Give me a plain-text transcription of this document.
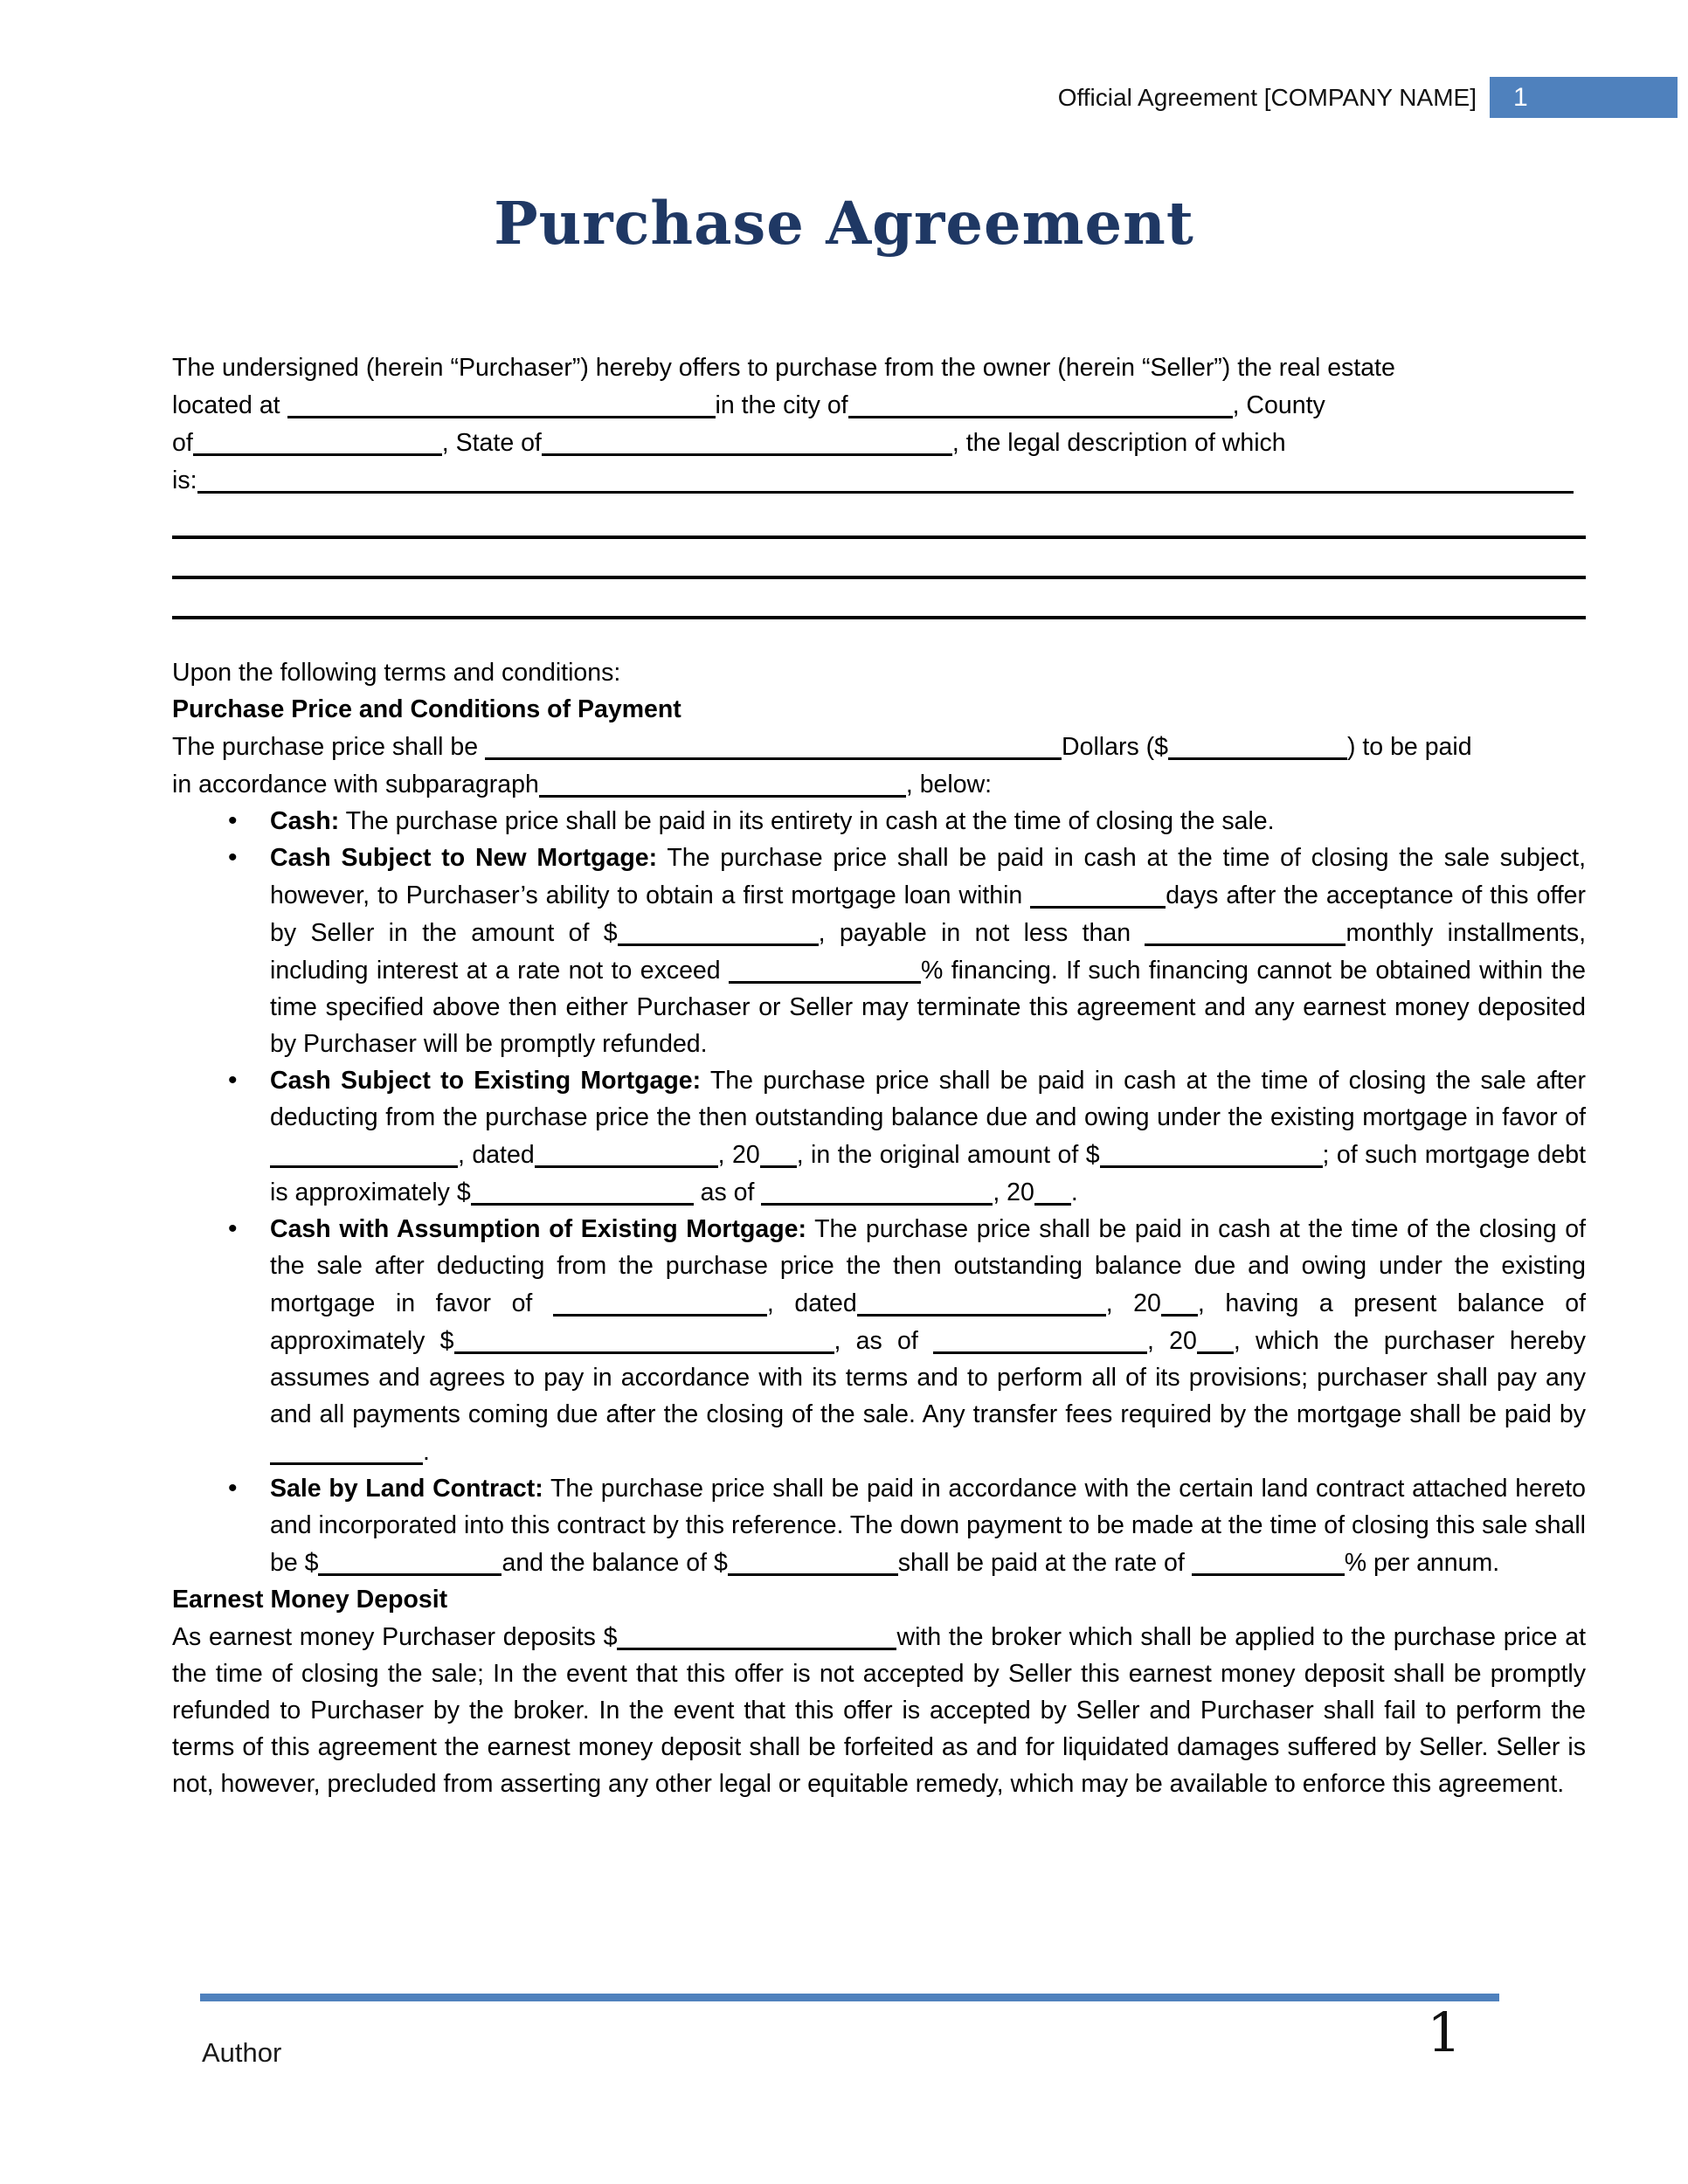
Official Agreement [COMPANY NAME]	1
Purchase Agreement
The undersigned (herein “Purchaser”) hereby offers to purchase from the owner (herein “Seller”) the real estate
located at	in the city of	, County
of	, State of	, the legal description of which
is:
Upon the following terms and conditions:
Purchase Price and Conditions of Payment
The purchase price shall be	Dollars ($	) to be paid
in accordance with subparagraph	, below:
• Cash: The purchase price shall be paid in its entirety in cash at the time of closing the sale.
• Cash Subject to New Mortgage: The purchase price shall be paid in cash at the time of closing the sale subject, however, to Purchaser’s ability to obtain a first mortgage loan within	days after the acceptance of this offer by Seller in the amount of $	, payable in not less than	monthly installments, including interest at a rate not to exceed	% financing. If such financing cannot be obtained within the time specified above then either Purchaser or Seller may terminate this agreement and any earnest money deposited by Purchaser will be promptly refunded.
• Cash Subject to Existing Mortgage: The purchase price shall be paid in cash at the time of closing the sale after deducting from the purchase price the then outstanding balance due and owing under the existing mortgage in favor of , dated	, 20 , in the original amount of $	; of such mortgage debt is approximately $	as of	, 20 .
• Cash with Assumption of Existing Mortgage: The purchase price shall be paid in cash at the time of the closing of the sale after deducting from the purchase price the then outstanding balance due and owing under the existing mortgage in favor of	, dated	, 20 , having a present balance of approximately $	, as of	, 20 , which the purchaser hereby assumes and agrees to pay in accordance with its terms and to perform all of its provisions; purchaser shall pay any and all payments coming due after the closing of the sale. Any transfer fees required by the mortgage shall be paid by.
• Sale by Land Contract: The purchase price shall be paid in accordance with the certain land contract attached hereto and incorporated into this contract by this reference. The down payment to be made at the time of closing this sale shall be $	and the balance of $	shall be paid at the rate of	% per annum.
Earnest Money Deposit

As earnest money Purchaser deposits $	with the broker which shall be applied to the purchase price at the time of closing the sale; In the event that this offer is not accepted by Seller this earnest money deposit shall be promptly refunded to Purchaser by the broker. In the event that this offer is accepted by Seller and Purchaser shall fail to perform the terms of this agreement the earnest money deposit shall be forfeited as and for liquidated damages suffered by Seller. Seller is not, however, precluded from asserting any other legal or equitable remedy, which may be available to enforce this agreement.

Author	1
